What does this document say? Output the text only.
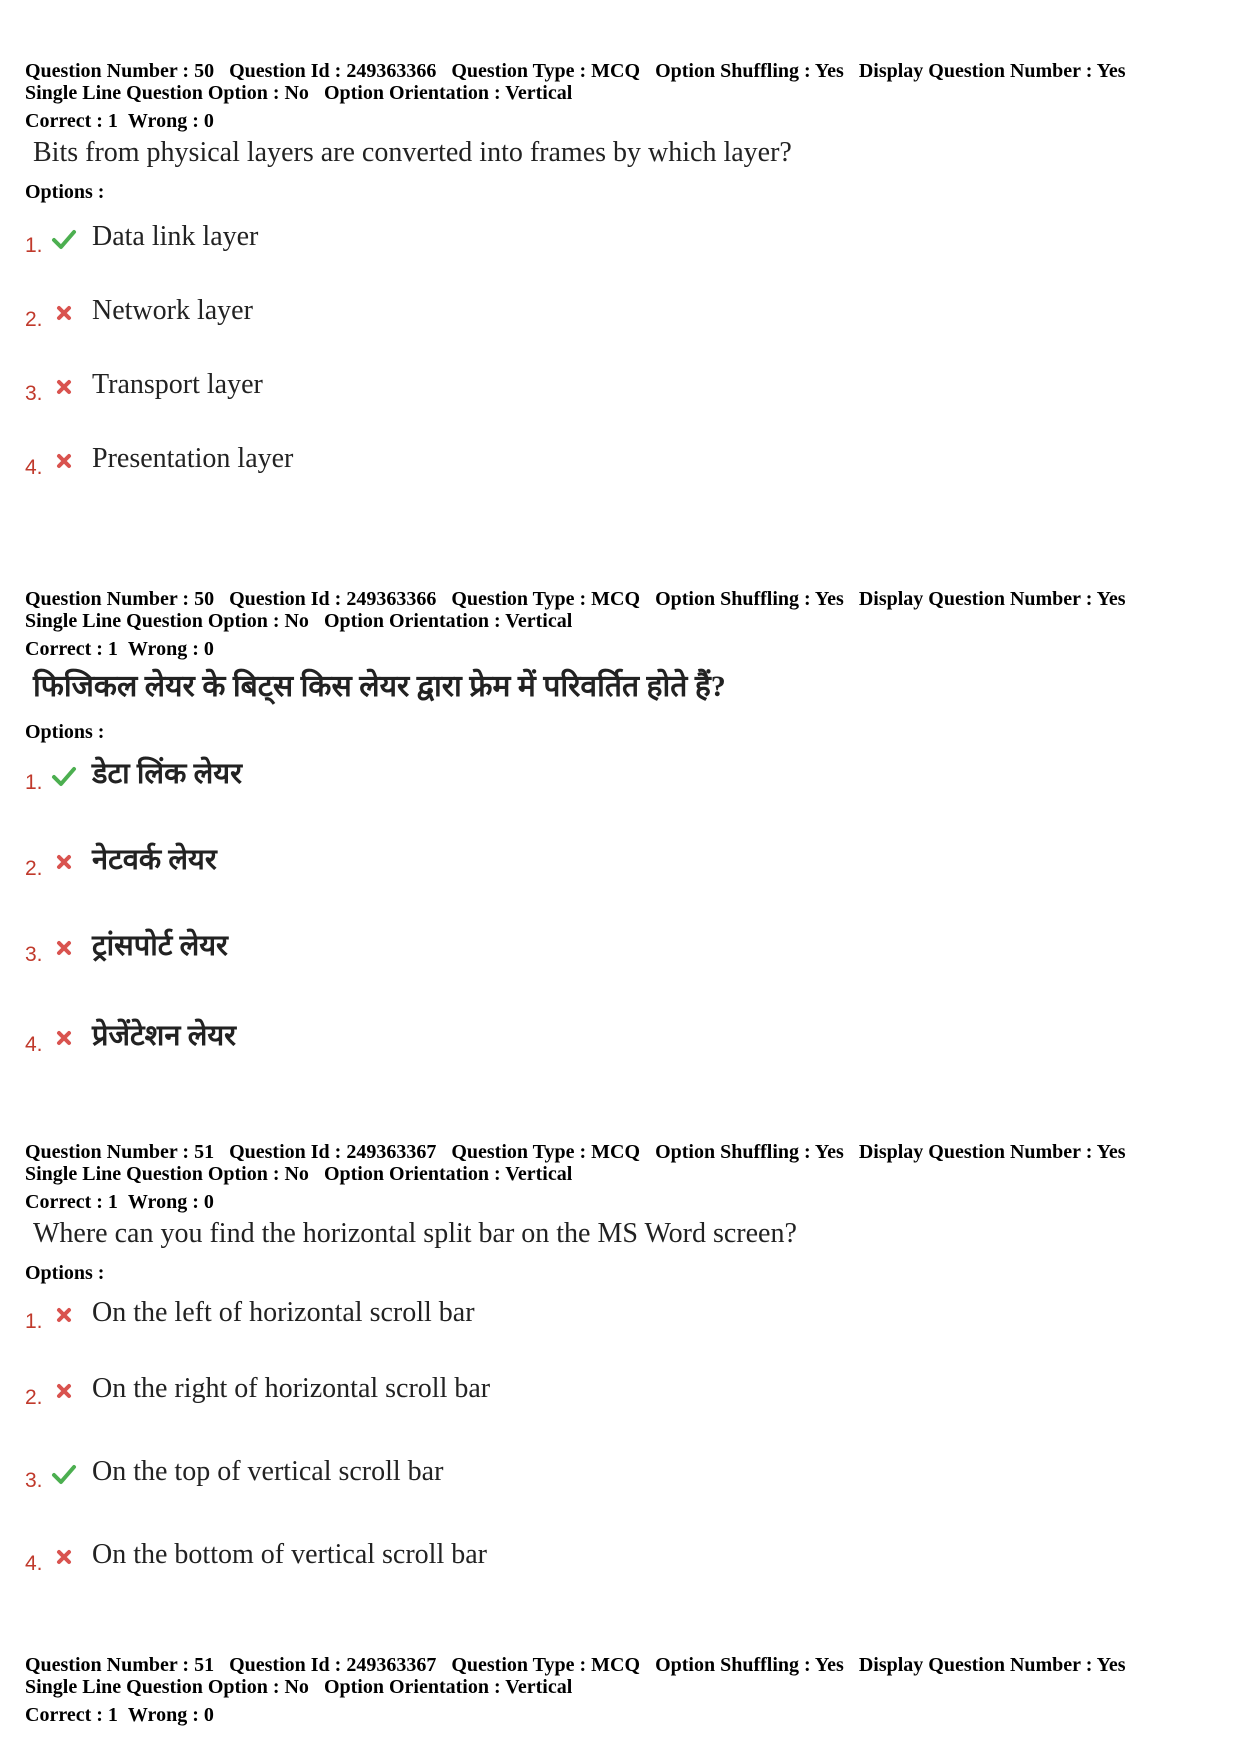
Question Number : 50 Question Id : 249363366 Question Type : MCQ Option Shuffling : Yes Display Question Number : Yes
Single Line Question Option : No Option Orientation : Vertical
Correct : 1 Wrong : 0
Bits from physical layers are converted into frames by which layer?
Options :
1. Data link layer
2. Network layer
3. Transport layer
4. Presentation layer
Question Number : 50 Question Id : 249363366 Question Type : MCQ Option Shuffling : Yes Display Question Number : Yes
Single Line Question Option : No Option Orientation : Vertical
Correct : 1 Wrong : 0
फिजिकल लेयर के बिट्स किस लेयर द्वारा फ्रेम में परिवर्तित होते हैं?
Options :
1. डेटा लिंक लेयर
2. नेटवर्क लेयर
3. ट्रांसपोर्ट लेयर
4. प्रेजेंटेशन लेयर
Question Number : 51 Question Id : 249363367 Question Type : MCQ Option Shuffling : Yes Display Question Number : Yes
Single Line Question Option : No Option Orientation : Vertical
Correct : 1 Wrong : 0
Where can you find the horizontal split bar on the MS Word screen?
Options :
1. On the left of horizontal scroll bar
2. On the right of horizontal scroll bar
3. On the top of vertical scroll bar
4. On the bottom of vertical scroll bar
Question Number : 51 Question Id : 249363367 Question Type : MCQ Option Shuffling : Yes Display Question Number : Yes
Single Line Question Option : No Option Orientation : Vertical
Correct : 1 Wrong : 0
